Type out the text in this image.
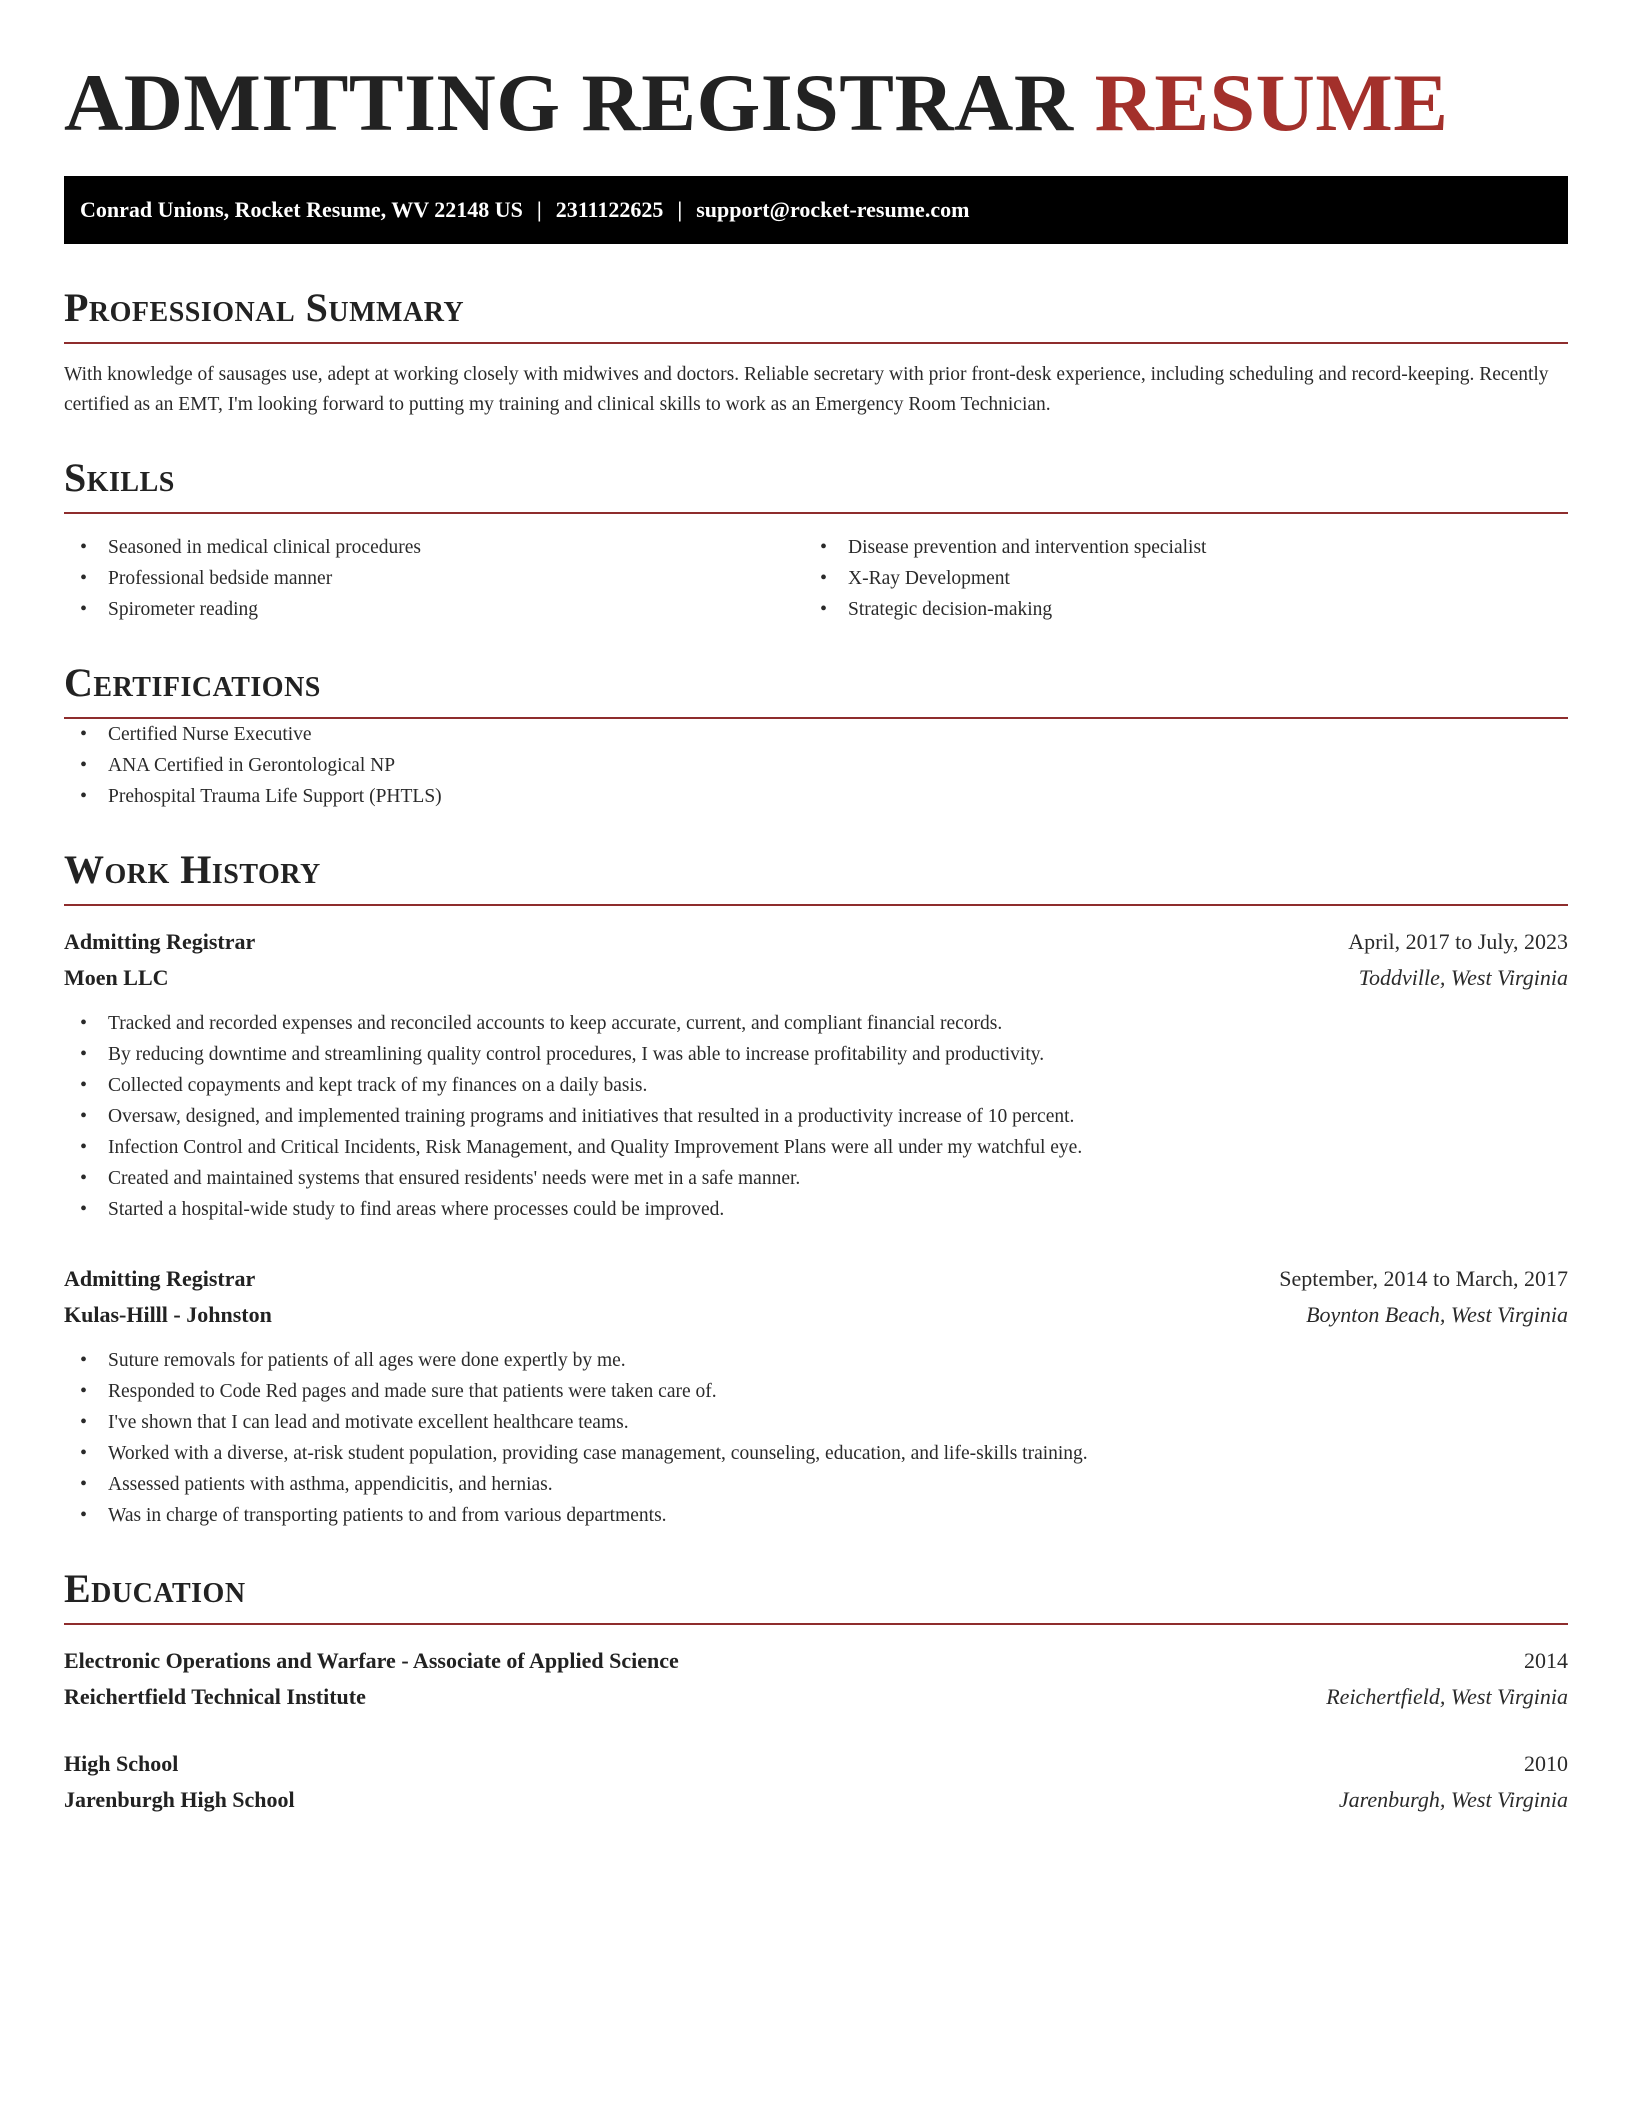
ADMITTING REGISTRAR RESUME
Conrad Unions, Rocket Resume, WV 22148 US | 2311122625 | support@rocket-resume.com
Professional Summary

With knowledge of sausages use, adept at working closely with midwives and doctors. Reliable secretary with prior front-desk experience, including scheduling and record-keeping. Recently certified as an EMT, I'm looking forward to putting my training and clinical skills to work as an Emergency Room Technician.

Skills
• Seasoned in medical clinical procedures
• Professional bedside manner
• Spirometer reading
• Disease prevention and intervention specialist
• X-Ray Development
• Strategic decision-making
Certifications
• Certified Nurse Executive
• ANA Certified in Gerontological NP
• Prehospital Trauma Life Support (PHTLS)
Work History
Admitting Registrar	April, 2017 to July, 2023
Moen LLC	Toddville, West Virginia
• Tracked and recorded expenses and reconciled accounts to keep accurate, current, and compliant financial records.
• By reducing downtime and streamlining quality control procedures, I was able to increase profitability and productivity.
• Collected copayments and kept track of my finances on a daily basis.
• Oversaw, designed, and implemented training programs and initiatives that resulted in a productivity increase of 10 percent.
• Infection Control and Critical Incidents, Risk Management, and Quality Improvement Plans were all under my watchful eye.
• Created and maintained systems that ensured residents' needs were met in a safe manner.
• Started a hospital-wide study to find areas where processes could be improved.
Admitting Registrar	September, 2014 to March, 2017
Kulas-Hilll - Johnston	Boynton Beach, West Virginia
• Suture removals for patients of all ages were done expertly by me.
• Responded to Code Red pages and made sure that patients were taken care of.
• I've shown that I can lead and motivate excellent healthcare teams.
• Worked with a diverse, at-risk student population, providing case management, counseling, education, and life-skills training.
• Assessed patients with asthma, appendicitis, and hernias.
• Was in charge of transporting patients to and from various departments.
Education
Electronic Operations and Warfare - Associate of Applied Science	2014
Reichertfield Technical Institute	Reichertfield, West Virginia
High School	2010
Jarenburgh High School	Jarenburgh, West Virginia
